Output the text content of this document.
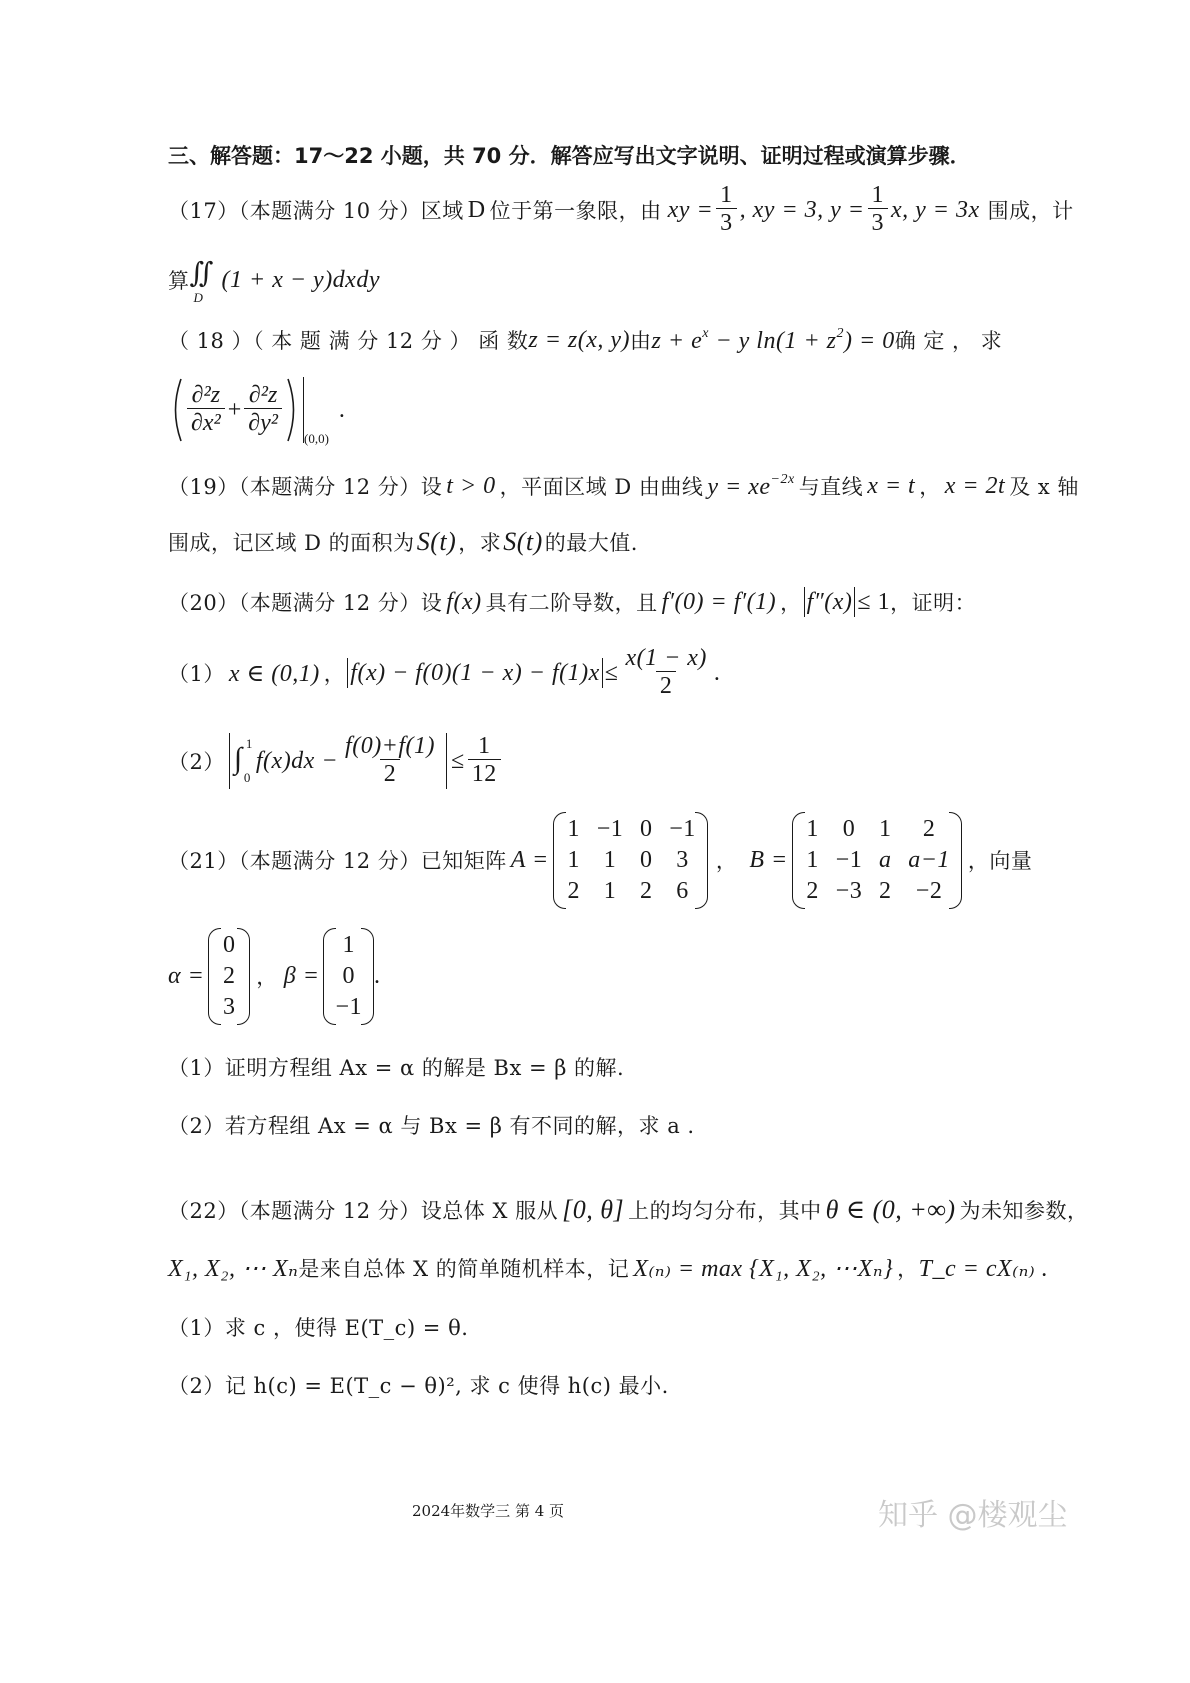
三、解答题：17～22 小题，共 70 分．解答应写出文字说明、证明过程或演算步骤．
（17）（本题满分 10 分）区域 D 位于第一象限，由 xy = $\frac{1}{3}$ , xy = 3, $y = \frac{1}{3} x$, y = 3x 围成，计
算 ∬
D
(1 + x − y)dxdy
（ 18 ）（ 本 题 满 分 12 分 ） 函 数 z = z(x, y) 由 $z + e^x - y$ $\ln(1 + z^2) = 0$ 确 定 ， 求
$\frac{\text{∂²z}}{\text{∂x²}} + \frac{\text{∂²z}}{\text{∂y²}}$
(0,0)
.
（19）（本题满分 12 分）设 t > 0 ，平面区域 D 由曲线 $y = xe^{-2x}$ 与直线 x = t ， x = 2t 及 x 轴
围成，记区域 D 的面积为 S(t) ，求 S(t) 的最大值.
（20）（本题满分 12 分）设 f(x) 具有二阶导数，且 f′(0) = f′(1) ， f″(x) ≤ 1 ，证明：
（1） x ∈ (0,1) ， $f(x) - f(0)(1 - x) - f(1)x \le \frac{x(1 - x)}{2}$ .
（2） ∫ 1
0
$f(x)dx - \frac{f(0)+f(1)}{2} \le \frac{1}{12}$
（21）（本题满分 12 分）已知矩阵 A =
1 −1 0 −1
1 1 0 3
2 1 2 6
， B =
1 0 1	2
1 −1 a a−1
2 −3 2	−2
，向量
α =
0
2
3
， β =
1
0
−1
.
（1）证明方程组 Ax = α 的解是 Bx = β 的解.
（2）若方程组 Ax = α 与 Bx = β 有不同的解，求 a .
（22）（本题满分 12 分）设总体 X 服从 [0, θ] 上的均匀分布，其中 θ ∈ (0, +∞) 为未知参数，
X₁, X₂, ⋯ Xₙ 是来自总体 X 的简单随机样本，记 X₍ₙ₎ = max {X₁, X₂, ⋯Xₙ} ， T_c = cX₍ₙ₎ .
（1）求 c ，使得 E(T_c) = θ.
（2）记 h(c) = E(T_c − θ)², 求 c 使得 h(c) 最小.
2024年数学三 第 4 页	知乎 @楼观尘
